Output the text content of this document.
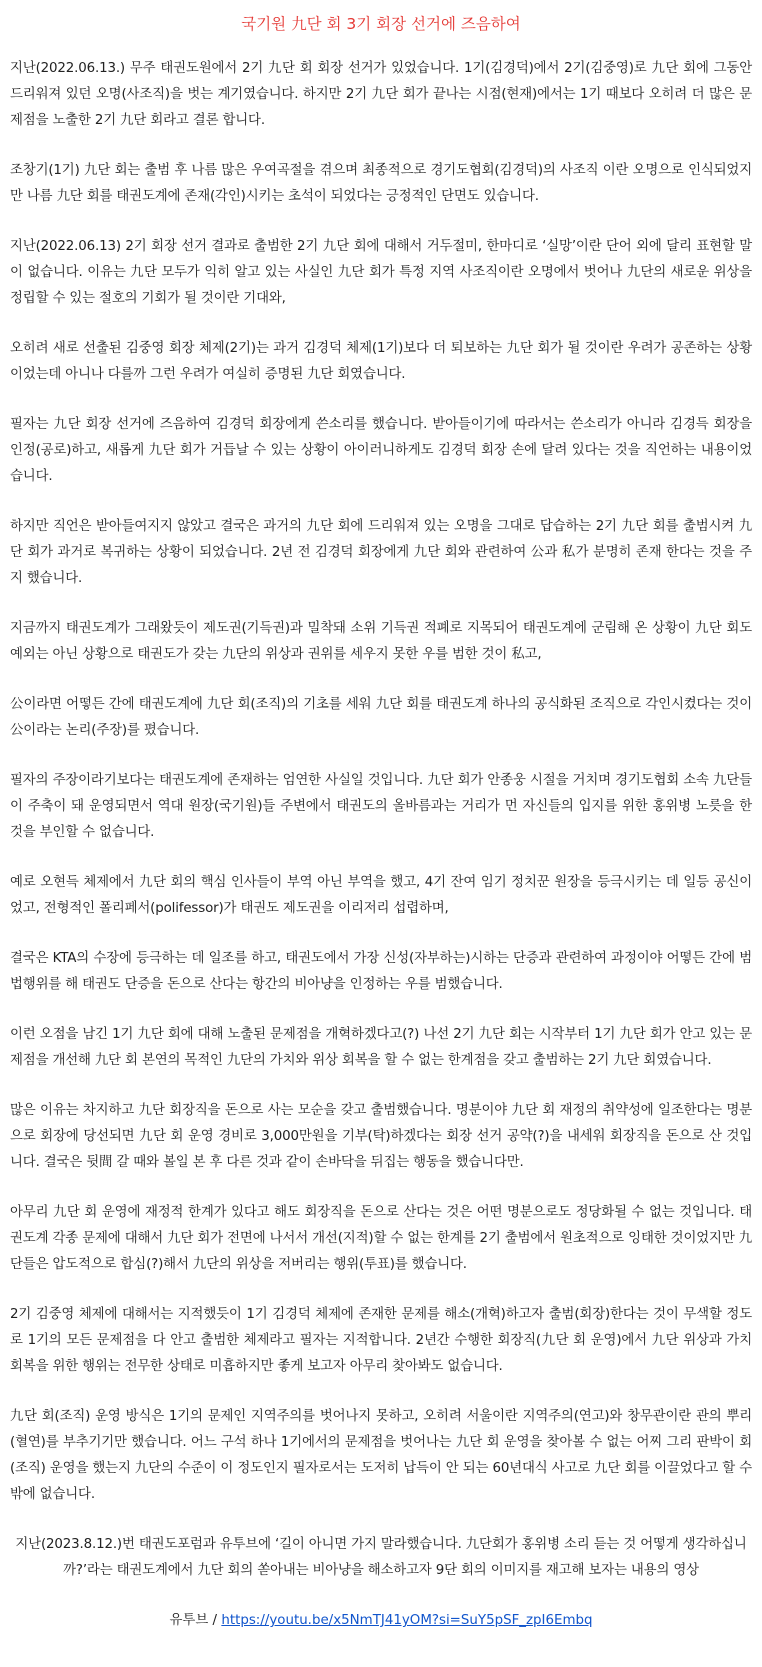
국기원 九단 회 3기 회장 선거에 즈음하여

지난(2022.06.13.) 무주 태권도원에서 2기 九단 회 회장 선거가 있었습니다. 1기(김경덕)에서 2기(김중영)로 九단 회에 그동안 드리워져 있던 오명(사조직)을 벗는 계기였습니다. 하지만 2기 九단 회가 끝나는 시점(현재)에서는 1기 때보다 오히려 더 많은 문제점을 노출한 2기 九단 회라고 결론 합니다.

조창기(1기) 九단 회는 출범 후 나름 많은 우여곡절을 겪으며 최종적으로 경기도협회(김경덕)의 사조직 이란 오명으로 인식되었지만 나름 九단 회를 태권도계에 존재(각인)시키는 초석이 되었다는 긍정적인 단면도 있습니다.

지난(2022.06.13) 2기 회장 선거 결과로 출범한 2기 九단 회에 대해서 거두절미, 한마디로 ‘실망’이란 단어 외에 달리 표현할 말이 없습니다. 이유는 九단 모두가 익히 알고 있는 사실인 九단 회가 특정 지역 사조직이란 오명에서 벗어나 九단의 새로운 위상을 정립할 수 있는 절호의 기회가 될 것이란 기대와,

오히려 새로 선출된 김중영 회장 체제(2기)는 과거 김경덕 체제(1기)보다 더 퇴보하는 九단 회가 될 것이란 우려가 공존하는 상황이었는데 아니나 다를까 그런 우려가 여실히 증명된 九단 회였습니다.

필자는 九단 회장 선거에 즈음하여 김경덕 회장에게 쓴소리를 했습니다. 받아들이기에 따라서는 쓴소리가 아니라 김경득 회장을 인정(공로)하고, 새롭게 九단 회가 거듭날 수 있는 상황이 아이러니하게도 김경덕 회장 손에 달려 있다는 것을 직언하는 내용이었습니다.

하지만 직언은 받아들여지지 않았고 결국은 과거의 九단 회에 드리워져 있는 오명을 그대로 답습하는 2기 九단 회를 출범시켜 九단 회가 과거로 복귀하는 상황이 되었습니다. 2년 전 김경덕 회장에게 九단 회와 관련하여 公과 私가 분명히 존재 한다는 것을 주지 했습니다.

지금까지 태권도계가 그래왔듯이 제도권(기득권)과 밀착돼 소위 기득권 적폐로 지목되어 태권도계에 군림해 온 상황이 九단 회도 예외는 아닌 상황으로 태권도가 갖는 九단의 위상과 권위를 세우지 못한 우를 범한 것이 私고,

公이라면 어떻든 간에 태권도계에 九단 회(조직)의 기초를 세워 九단 회를 태권도계 하나의 공식화된 조직으로 각인시켰다는 것이 公이라는 논리(주장)를 폈습니다.

필자의 주장이라기보다는 태권도계에 존재하는 엄연한 사실일 것입니다. 九단 회가 안종웅 시절을 거치며 경기도협회 소속 九단들이 주축이 돼 운영되면서 역대 원장(국기원)들 주변에서 태권도의 올바름과는 거리가 먼 자신들의 입지를 위한 홍위병 노릇을 한 것을 부인할 수 없습니다.

예로 오현득 체제에서 九단 회의 핵심 인사들이 부역 아닌 부역을 했고, 4기 잔여 임기 정치꾼 원장을 등극시키는 데 일등 공신이었고, 전형적인 폴리페서(polifessor)가 태권도 제도권을 이리저리 섭렵하며,

결국은 KTA의 수장에 등극하는 데 일조를 하고, 태권도에서 가장 신성(자부하는)시하는 단증과 관련하여 과정이야 어떻든 간에 범법행위를 해 태권도 단증을 돈으로 산다는 항간의 비아냥을 인정하는 우를 범했습니다.

이런 오점을 남긴 1기 九단 회에 대해 노출된 문제점을 개혁하겠다고(?) 나선 2기 九단 회는 시작부터 1기 九단 회가 안고 있는 문제점을 개선해 九단 회 본연의 목적인 九단의 가치와 위상 회복을 할 수 없는 한계점을 갖고 출범하는 2기 九단 회였습니다.

많은 이유는 차지하고 九단 회장직을 돈으로 사는 모순을 갖고 출범했습니다. 명분이야 九단 회 재정의 취약성에 일조한다는 명분으로 회장에 당선되면 九단 회 운영 경비로 3,000만원을 기부(탁)하겠다는 회장 선거 공약(?)을 내세워 회장직을 돈으로 산 것입니다. 결국은 뒷間 갈 때와 볼일 본 후 다른 것과 같이 손바닥을 뒤집는 행동을 했습니다만.

아무리 九단 회 운영에 재정적 한계가 있다고 해도 회장직을 돈으로 산다는 것은 어떤 명분으로도 정당화될 수 없는 것입니다. 태권도계 각종 문제에 대해서 九단 회가 전면에 나서서 개선(지적)할 수 없는 한계를 2기 출범에서 원초적으로 잉태한 것이었지만 九단들은 압도적으로 합심(?)해서 九단의 위상을 저버리는 행위(투표)를 했습니다.

2기 김중영 체제에 대해서는 지적했듯이 1기 김경덕 체제에 존재한 문제를 해소(개혁)하고자 출범(회장)한다는 것이 무색할 정도로 1기의 모든 문제점을 다 안고 출범한 체제라고 필자는 지적합니다. 2년간 수행한 회장직(九단 회 운영)에서 九단 위상과 가치 회복을 위한 행위는 전무한 상태로 미흡하지만 좋게 보고자 아무리 찾아봐도 없습니다.

九단 회(조직) 운영 방식은 1기의 문제인 지역주의를 벗어나지 못하고, 오히려 서울이란 지역주의(연고)와 창무관이란 관의 뿌리(혈연)를 부추기기만 했습니다. 어느 구석 하나 1기에서의 문제점을 벗어나는 九단 회 운영을 찾아볼 수 없는 어찌 그리 판박이 회(조직) 운영을 했는지 九단의 수준이 이 정도인지 필자로서는 도저히 납득이 안 되는 60년대식 사고로 九단 회를 이끌었다고 할 수밖에 없습니다.

지난(2023.8.12.)번 태권도포럼과 유투브에 ‘길이 아니면 가지 말라했습니다. 九단회가 홍위병 소리 듣는 것 어떻게 생각하십니까?’라는 태권도계에서 九단 회의 쏟아내는 비아냥을 해소하고자 9단 회의 이미지를 재고해 보자는 내용의 영상

유투브 / https://youtu.be/x5NmTJ41yOM?si=SuY5pSF_zpI6Embq
